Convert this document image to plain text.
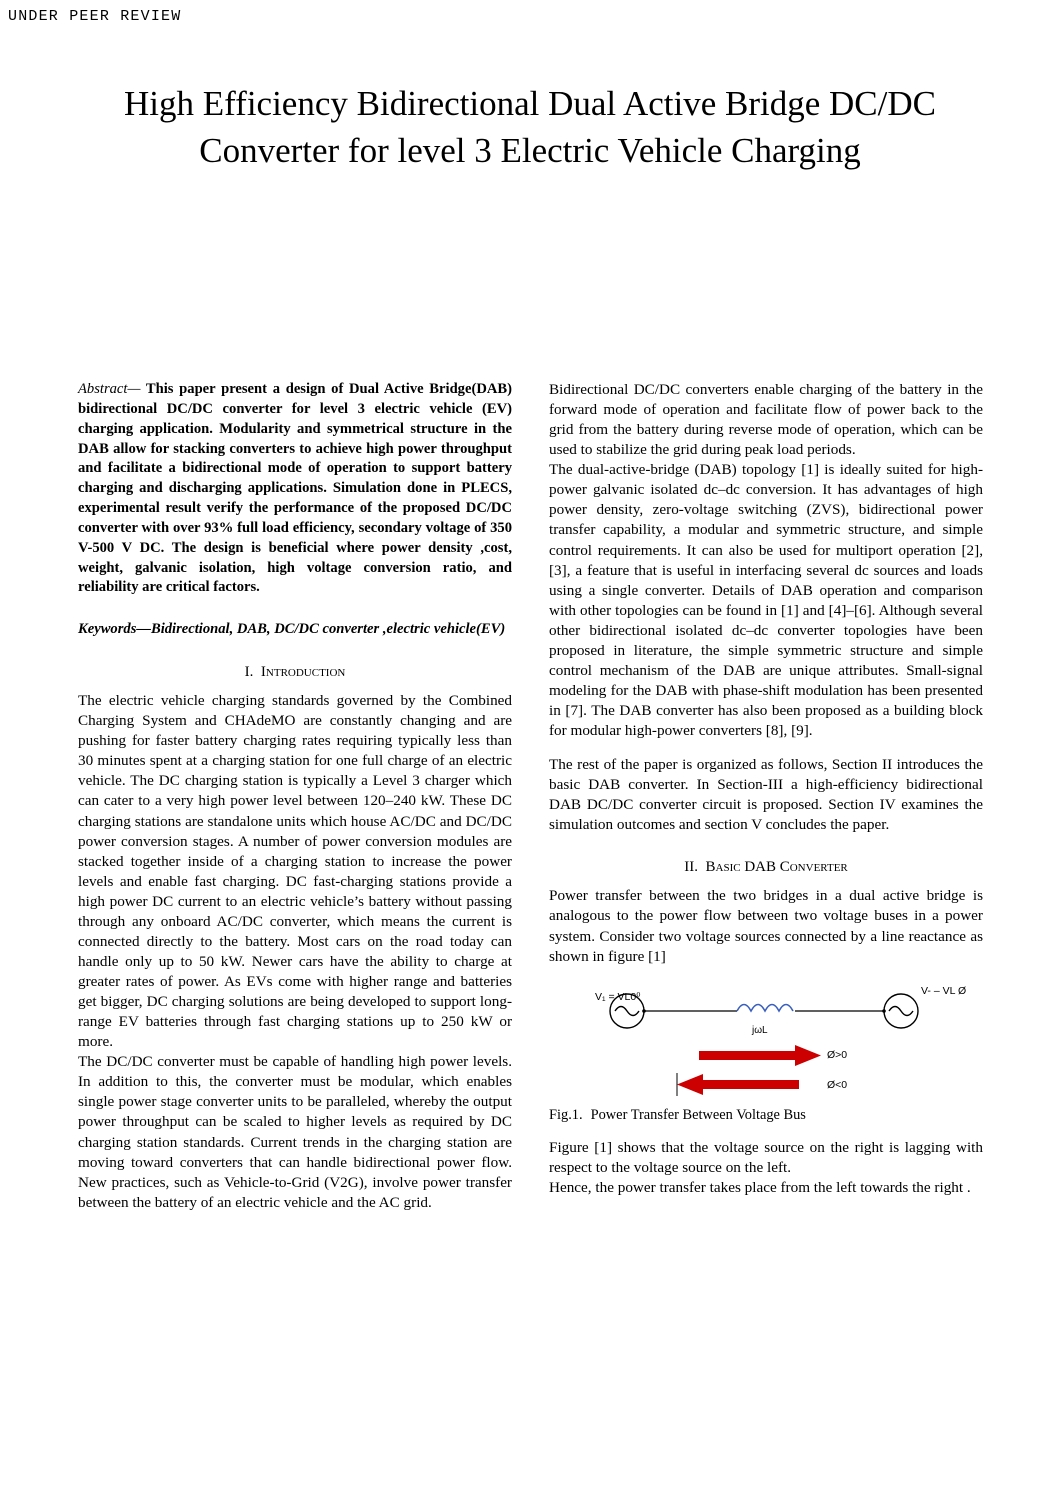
UNDER PEER REVIEW
High Efficiency Bidirectional Dual Active Bridge DC/DC Converter for level 3 Electric Vehicle Charging

Abstract— This paper present a design of Dual Active Bridge(DAB) bidirectional DC/DC converter for level 3 electric vehicle (EV) charging application. Modularity and symmetrical structure in the DAB allow for stacking converters to achieve high power throughput and facilitate a bidirectional mode of operation to support battery charging and discharging applications. Simulation done in PLECS, experimental result verify the performance of the proposed DC/DC converter with over 93% full load efficiency, secondary voltage of 350 V-500 V DC. The design is beneficial where power density ,cost, weight, galvanic isolation, high voltage conversion ratio, and reliability are critical factors.

Keywords—Bidirectional, DAB, DC/DC converter ,electric vehicle(EV)

I. Introduction

The electric vehicle charging standards governed by the Combined Charging System and CHAdeMO are constantly changing and are pushing for faster battery charging rates requiring typically less than 30 minutes spent at a charging station for one full charge of an electric vehicle. The DC charging station is typically a Level 3 charger which can cater to a very high power level between 120–240 kW. These DC charging stations are standalone units which house AC/DC and DC/DC power conversion stages. A number of power conversion modules are stacked together inside of a charging station to increase the power levels and enable fast charging. DC fast-charging stations provide a high power DC current to an electric vehicle’s battery without passing through any onboard AC/DC converter, which means the current is connected directly to the battery. Most cars on the road today can handle only up to 50 kW. Newer cars have the ability to charge at greater rates of power. As EVs come with higher range and batteries get bigger, DC charging solutions are being developed to support long-range EV batteries through fast charging stations up to 250 kW or more.

The DC/DC converter must be capable of handling high power levels. In addition to this, the converter must be modular, which enables single power stage converter units to be paralleled, whereby the output power throughput can be scaled to higher levels as required by DC charging station standards. Current trends in the charging station are moving toward converters that can handle bidirectional power flow. New practices, such as Vehicle-to-Grid (V2G), involve power transfer between the battery of an electric vehicle and the AC grid.

Bidirectional DC/DC converters enable charging of the battery in the forward mode of operation and facilitate flow of power back to the grid from the battery during reverse mode of operation, which can be used to stabilize the grid during peak load periods.

The dual-active-bridge (DAB) topology [1] is ideally suited for high-power galvanic isolated dc–dc conversion. It has advantages of high power density, zero-voltage switching (ZVS), bidirectional power transfer capability, a modular and symmetric structure, and simple control requirements. It can also be used for multiport operation [2], [3], a feature that is useful in interfacing several dc sources and loads using a single converter. Details of DAB operation and comparison with other topologies can be found in [1] and [4]–[6]. Although several other bidirectional isolated dc–dc converter topologies have been proposed in literature, the simple symmetric structure and simple control mechanism of the DAB are unique attributes. Small-signal modeling for the DAB with phase-shift modulation has been presented in [7]. The DAB converter has also been proposed as a building block for modular high-power converters [8], [9].

The rest of the paper is organized as follows, Section II introduces the basic DAB converter. In Section-III a high-efficiency bidirectional DAB DC/DC converter circuit is proposed. Section IV examines the simulation outcomes and section V concludes the paper.

II. Basic DAB Converter

Power transfer between the two bridges in a dual active bridge is analogous to the power flow between two voltage buses in a power system. Consider two voltage sources connected by a line reactance as shown in figure [1]

V₁ = VL0⁰	V- – VL Ø
jωL
Ø>0
Ø<0
Fig.1. Power Transfer Between Voltage Bus

Figure [1] shows that the voltage source on the right is lagging with respect to the voltage source on the left.

Hence, the power transfer takes place from the left towards the right .
